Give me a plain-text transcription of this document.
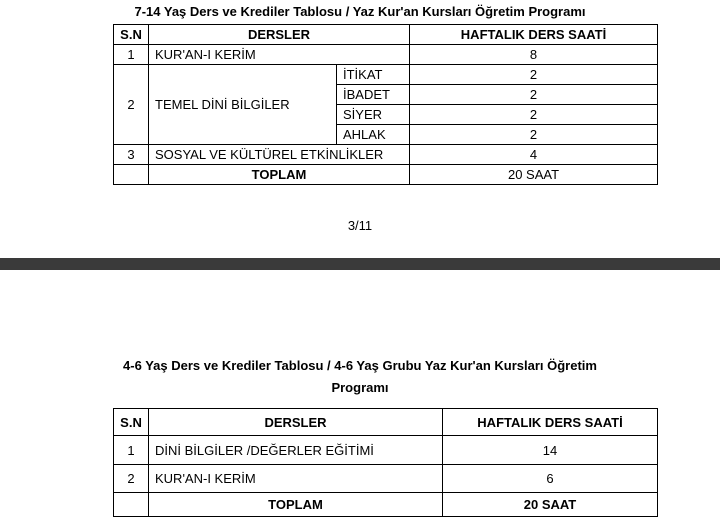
7-14 Yaş Ders ve Krediler Tablosu / Yaz Kur'an Kursları Öğretim Programı
S.N	DERSLER		HAFTALIK DERS SAATİ
1	KUR'AN-I KERİM		8
2	TEMEL DİNİ BİLGİLER	İTİKAT	2
		İBADET	2
		SİYER	2
		AHLAK	2
3	SOSYAL VE KÜLTÜREL ETKİNLİKLER		4
	TOPLAM		20 SAAT
3/11
4-6 Yaş Ders ve Krediler Tablosu / 4-6 Yaş Grubu Yaz Kur'an Kursları Öğretim
Programı
S.N	DERSLER	HAFTALIK DERS SAATİ
1	DİNİ BİLGİLER /DEĞERLER EĞİTİMİ	14
2	KUR'AN-I KERİM	6
	TOPLAM	20 SAAT
